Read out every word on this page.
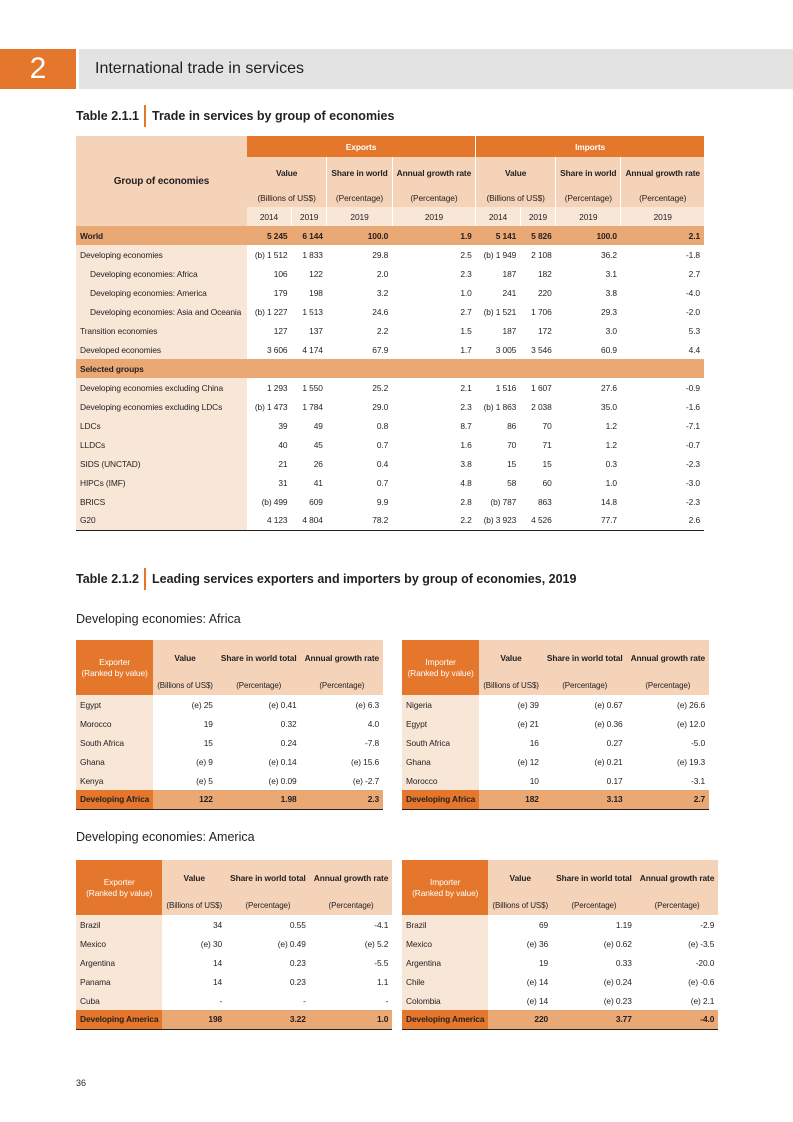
2	International trade in services
Table 2.1.1 Trade in services by group of economies
Group of economies	Exports				Imports			
	Value		Share in world	Annual growth rate	Value		Share in world	Annual growth rate
	(Billions of US$)		(Percentage)	(Percentage)	(Billions of US$)		(Percentage)	(Percentage)
	2014	2019	2019	2019	2014	2019	2019	2019
World	5 245	6 144	100.0	1.9	5 141	5 826	100.0	2.1
Developing economies	(b) 1 512	1 833	29.8	2.5	(b) 1 949	2 108	36.2	-1.8
Developing economies: Africa	106	122	2.0	2.3	187	182	3.1	2.7
Developing economies: America	179	198	3.2	1.0	241	220	3.8	-4.0
Developing economies: Asia and Oceania	(b) 1 227	1 513	24.6	2.7	(b) 1 521	1 706	29.3	-2.0
Transition economies	127	137	2.2	1.5	187	172	3.0	5.3
Developed economies	3 606	4 174	67.9	1.7	3 005	3 546	60.9	4.4
Selected groups								
Developing economies excluding China	1 293	1 550	25.2	2.1	1 516	1 607	27.6	-0.9
Developing economies excluding LDCs	(b) 1 473	1 784	29.0	2.3	(b) 1 863	2 038	35.0	-1.6
LDCs	39	49	0.8	8.7	86	70	1.2	-7.1
LLDCs	40	45	0.7	1.6	70	71	1.2	-0.7
SIDS (UNCTAD)	21	26	0.4	3.8	15	15	0.3	-2.3
HIPCs (IMF)	31	41	0.7	4.8	58	60	1.0	-3.0
BRICS	(b) 499	609	9.9	2.8	(b) 787	863	14.8	-2.3
G20	4 123	4 804	78.2	2.2	(b) 3 923	4 526	77.7	2.6
Table 2.1.2 Leading services exporters and importers by group of economies, 2019
Developing economies: Africa
Exporter
(Ranked by value)	Value	Share in world total	Annual growth rate
	(Billions of US$)	(Percentage)	(Percentage)
Egypt	(e) 25	(e) 0.41	(e) 6.3
Morocco	19	0.32	4.0
South Africa	15	0.24	-7.8
Ghana	(e) 9	(e) 0.14	(e) 15.6
Kenya	(e) 5	(e) 0.09	(e) -2.7
Developing Africa	122	1.98	2.3
Importer
(Ranked by value)	Value	Share in world total	Annual growth rate
	(Billions of US$)	(Percentage)	(Percentage)
Nigeria	(e) 39	(e) 0.67	(e) 26.6
Egypt	(e) 21	(e) 0.36	(e) 12.0
South Africa	16	0.27	-5.0
Ghana	(e) 12	(e) 0.21	(e) 19.3
Morocco	10	0.17	-3.1
Developing Africa	182	3.13	2.7
Developing economies: America
Exporter
(Ranked by value)	Value	Share in world total	Annual growth rate
	(Billions of US$)	(Percentage)	(Percentage)
Brazil	34	0.55	-4.1
Mexico	(e) 30	(e) 0.49	(e) 5.2
Argentina	14	0.23	-5.5
Panama	14	0.23	1.1
Cuba	-	-	-
Developing America	198	3.22	1.0
Importer
(Ranked by value)	Value	Share in world total	Annual growth rate
	(Billions of US$)	(Percentage)	(Percentage)
Brazil	69	1.19	-2.9
Mexico	(e) 36	(e) 0.62	(e) -3.5
Argentina	19	0.33	-20.0
Chile	(e) 14	(e) 0.24	(e) -0.6
Colombia	(e) 14	(e) 0.23	(e) 2.1
Developing America	220	3.77	-4.0
36
